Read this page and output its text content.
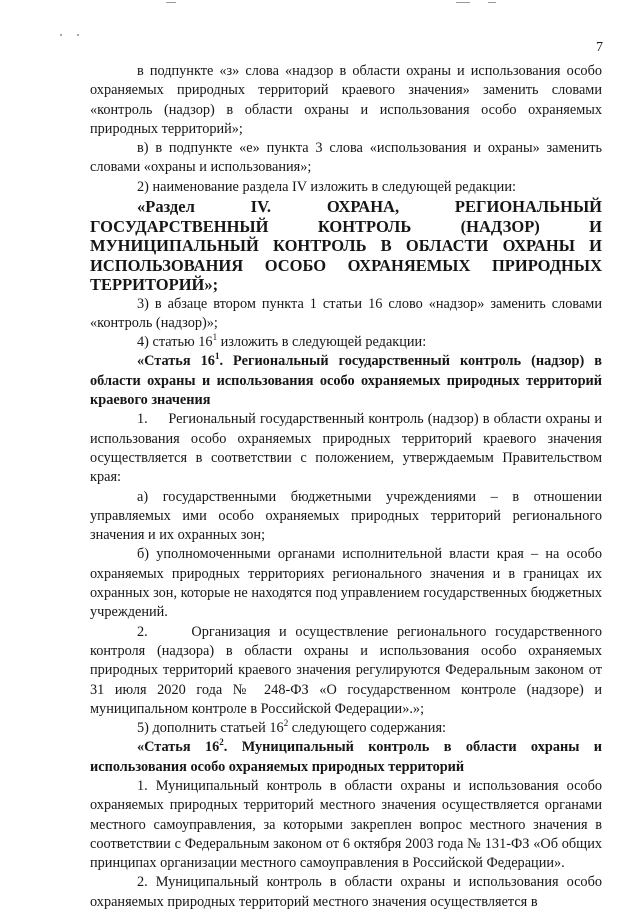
7

в подпункте «з» слова «надзор в области охраны и использования особо охраняемых природных территорий краевого значения» заменить словами «контроль (надзор) в области охраны и использования особо охраняемых природных территорий»;

в) в подпункте «е» пункта 3 слова «использования и охраны» заменить словами «охраны и использования»;

2) наименование раздела IV изложить в следующей редакции:

«Раздел IV. ОХРАНА, РЕГИОНАЛЬНЫЙ ГОСУДАРСТВЕННЫЙ КОНТРОЛЬ (НАДЗОР) И МУНИЦИПАЛЬНЫЙ КОНТРОЛЬ В ОБЛАСТИ ОХРАНЫ И ИСПОЛЬЗОВАНИЯ ОСОБО ОХРАНЯЕМЫХ ПРИРОДНЫХ ТЕРРИТОРИЙ»;

3) в абзаце втором пункта 1 статьи 16 слово «надзор» заменить словами «контроль (надзор)»;

4) статью $16^1$ изложить в следующей редакции:

«Статья $16^1$. Региональный государственный контроль (надзор) в области охраны и использования особо охраняемых природных территорий краевого значения

1.     Региональный государственный контроль (надзор) в области охраны и использования особо охраняемых природных территорий краевого значения осуществляется в соответствии с положением, утверждаемым Правительством края:

а) государственными бюджетными учреждениями – в отношении управляемых ими особо охраняемых природных территорий регионального значения и их охранных зон;

б) уполномоченными органами исполнительной власти края – на особо охраняемых природных территориях регионального значения и в границах их охранных зон, которые не находятся под управлением государственных бюджетных учреждений.

2.     Организация и осуществление регионального государственного контроля (надзора) в области охраны и использования особо охраняемых природных территорий краевого значения регулируются Федеральным законом от 31 июля 2020 года № 248-ФЗ «О государственном контроле (надзоре) и муниципальном контроле в Российской Федерации».»;

5) дополнить статьей $16^2$ следующего содержания:

«Статья $16^2$. Муниципальный контроль в области охраны и использования особо охраняемых природных территорий

1. Муниципальный контроль в области охраны и использования особо охраняемых природных территорий местного значения осуществляется органами местного самоуправления, за которыми закреплен вопрос местного значения в соответствии с Федеральным законом от 6 октября 2003 года № 131-ФЗ «Об общих принципах организации местного самоуправления в Российской Федерации».

2. Муниципальный контроль в области охраны и использования особо охраняемых природных территорий местного значения осуществляется в
